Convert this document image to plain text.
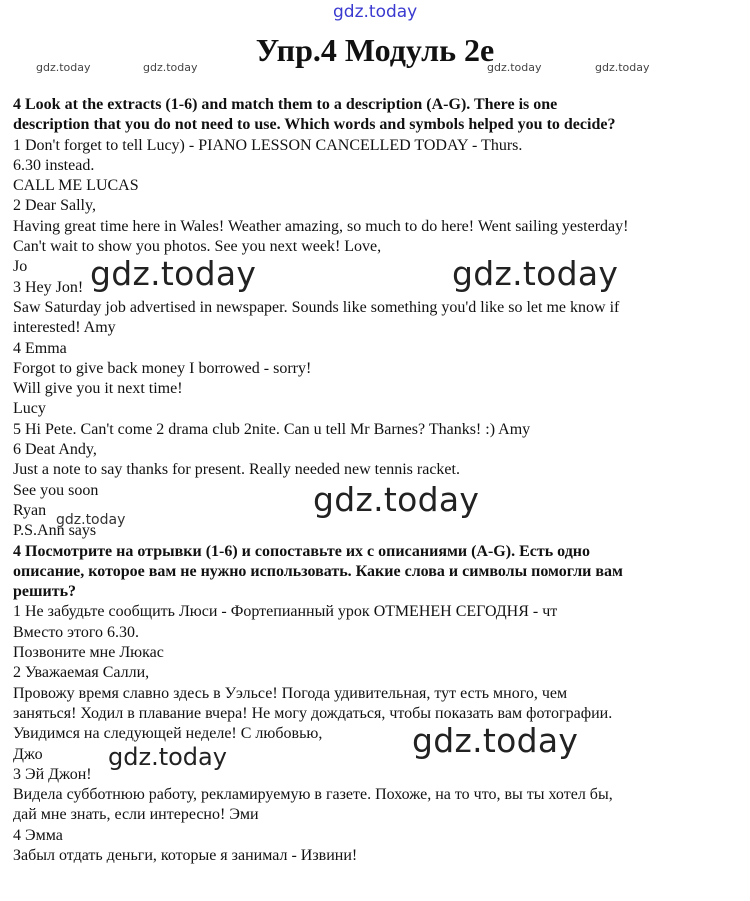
gdz.today
Упр.4 Модуль 2e
gdz.today	gdz.today	gdz.today	gdz.today
4 Look at the extracts (1-6) and match them to a description (A-G). There is one
description that you do not need to use. Which words and symbols helped you to decide?
1 Don't forget to tell Lucy) - PIANO LESSON CANCELLED TODAY - Thurs.
6.30 instead.
CALL ME LUCAS
2 Dear Sally,
Having great time here in Wales! Weather amazing, so much to do here! Went sailing yesterday!
Can't wait to show you photos. See you next week! Love,
Jo
3 Hey Jon!
Saw Saturday job advertised in newspaper. Sounds like something you'd like so let me know if
interested! Amy
4 Emma
Forgot to give back money I borrowed - sorry!
Will give you it next time!
Lucy
5 Hi Pete. Can't come 2 drama club 2nite. Can u tell Mr Barnes? Thanks! :) Amy
6 Deat Andy,
Just a note to say thanks for present. Really needed new tennis racket.
See you soon
Ryan
P.S.Ann says
4 Посмотрите на отрывки (1-6) и сопоставьте их с описаниями (A-G). Есть одно
описание, которое вам не нужно использовать. Какие слова и символы помогли вам
решить?
1 Не забудьте сообщить Люси - Фортепианный урок ОТМЕНЕН СЕГОДНЯ - чт
Вместо этого 6.30.
Позвоните мне Люкас
2 Уважаемая Салли,
Провожу время славно здесь в Уэльсе! Погода удивительная, тут есть много, чем
заняться! Ходил в плавание вчера! Не могу дождаться, чтобы показать вам фотографии.
Увидимся на следующей неделе! С любовью,
Джо
3 Эй Джон!
Видела субботнюю работу, рекламируемую в газете. Похоже, на то что, вы ты хотел бы,
дай мне знать, если интересно! Эми
4 Эмма
Забыл отдать деньги, которые я занимал - Извини!
gdz.today	gdz.today
gdz.today
gdz.today
gdz.today
gdz.today
